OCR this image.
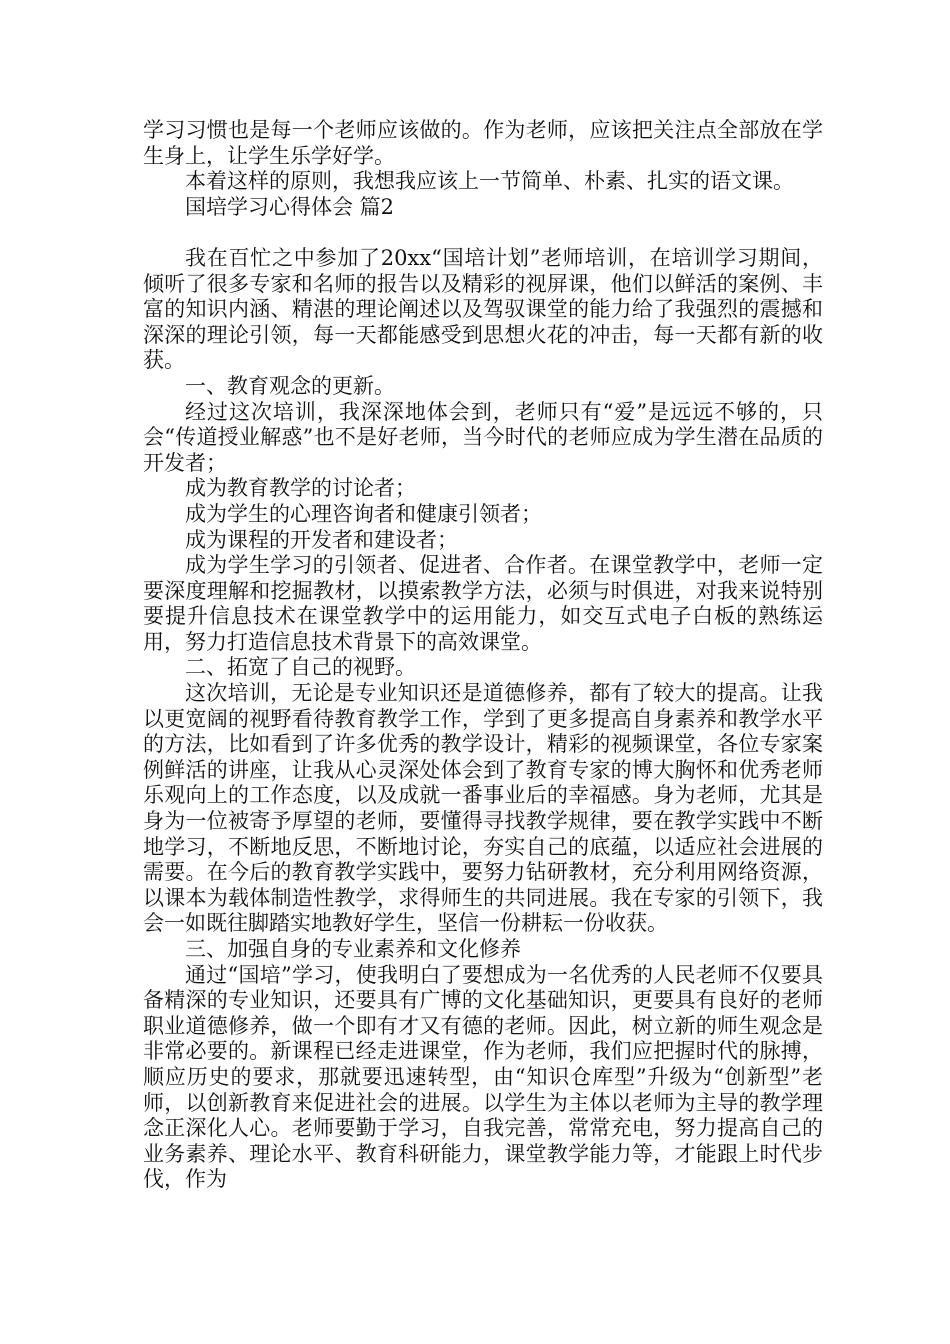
学习习惯也是每一个老师应该做的。作为老师，应该把关注点全部放在学生身上，让学生乐学好学。

本着这样的原则，我想我应该上一节简单、朴素、扎实的语文课。

国培学习心得体会 篇2

我在百忙之中参加了20xx“国培计划”老师培训，在培训学习期间，倾听了很多专家和名师的报告以及精彩的视屏课，他们以鲜活的案例、丰富的知识内涵、精湛的理论阐述以及驾驭课堂的能力给了我强烈的震撼和深深的理论引领，每一天都能感受到思想火花的冲击，每一天都有新的收获。

一、教育观念的更新。

经过这次培训，我深深地体会到，老师只有“爱”是远远不够的，只会“传道授业解惑”也不是好老师，当今时代的老师应成为学生潜在品质的开发者；

成为教育教学的讨论者；

成为学生的心理咨询者和健康引领者；

成为课程的开发者和建设者；

成为学生学习的引领者、促进者、合作者。在课堂教学中，老师一定要深度理解和挖掘教材，以摸索教学方法，必须与时俱进，对我来说特别要提升信息技术在课堂教学中的运用能力，如交互式电子白板的熟练运用，努力打造信息技术背景下的高效课堂。

二、拓宽了自己的视野。

这次培训，无论是专业知识还是道德修养，都有了较大的提高。让我以更宽阔的视野看待教育教学工作，学到了更多提高自身素养和教学水平的方法，比如看到了许多优秀的教学设计，精彩的视频课堂，各位专家案例鲜活的讲座，让我从心灵深处体会到了教育专家的博大胸怀和优秀老师乐观向上的工作态度，以及成就一番事业后的幸福感。身为老师，尤其是身为一位被寄予厚望的老师，要懂得寻找教学规律，要在教学实践中不断地学习，不断地反思，不断地讨论，夯实自己的底蕴，以适应社会进展的需要。在今后的教育教学实践中，要努力钻研教材，充分利用网络资源，以课本为载体制造性教学，求得师生的共同进展。我在专家的引领下，我会一如既往脚踏实地教好学生，坚信一份耕耘一份收获。

三、加强自身的专业素养和文化修养

通过“国培”学习，使我明白了要想成为一名优秀的人民老师不仅要具备精深的专业知识，还要具有广博的文化基础知识，更要具有良好的老师职业道德修养，做一个即有才又有德的老师。因此，树立新的师生观念是非常必要的。新课程已经走进课堂，作为老师，我们应把握时代的脉搏，顺应历史的要求，那就要迅速转型，由“知识仓库型”升级为“创新型”老师，以创新教育来促进社会的进展。以学生为主体以老师为主导的教学理念正深化人心。老师要勤于学习，自我完善，常常充电，努力提高自己的业务素养、理论水平、教育科研能力，课堂教学能力等，才能跟上时代步伐，作为
